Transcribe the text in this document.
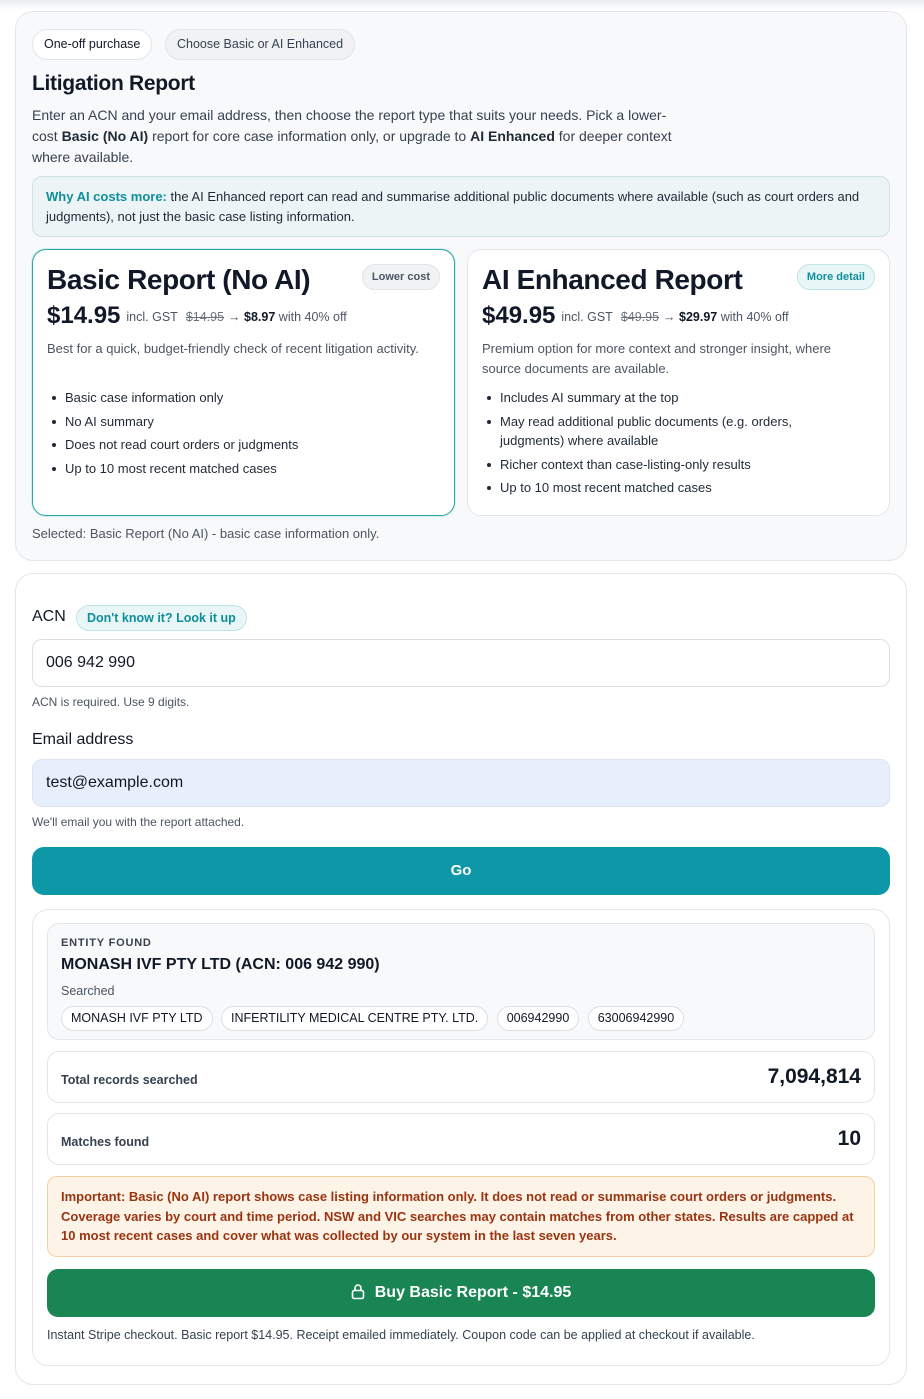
One-off purchase	Choose Basic or AI Enhanced
Litigation Report

Enter an ACN and your email address, then choose the report type that suits your needs. Pick a lower-cost Basic (No AI) report for core case information only, or upgrade to AI Enhanced for deeper context where available.

Why AI costs more: the AI Enhanced report can read and summarise additional public documents where available (such as court orders and judgments), not just the basic case listing information.
Basic Report (No AI)	Lower cost
$14.95 incl. GST $14.95 → $8.97 with 40% off

Best for a quick, budget-friendly check of recent litigation activity.

Basic case information only
No AI summary
Does not read court orders or judgments
Up to 10 most recent matched cases
AI Enhanced Report	More detail
$49.95 incl. GST $49.95 → $29.97 with 40% off

Premium option for more context and stronger insight, where source documents are available.

Includes AI summary at the top
May read additional public documents (e.g. orders, judgments) where available
Richer context than case-listing-only results
Up to 10 most recent matched cases
Selected: Basic Report (No AI) - basic case information only.
ACN	Don't know it? Look it up
006 942 990
ACN is required. Use 9 digits.
Email address
test@example.com
We'll email you with the report attached.
Go
ENTITY FOUND
MONASH IVF PTY LTD (ACN: 006 942 990)
Searched
MONASH IVF PTY LTD INFERTILITY MEDICAL CENTRE PTY. LTD. 006942990 63006942990
Total records searched	7,094,814
Matches found	10
Important: Basic (No AI) report shows case listing information only. It does not read or summarise court orders or judgments. Coverage varies by court and time period. NSW and VIC searches may contain matches from other states. Results are capped at 10 most recent cases and cover what was collected by our system in the last seven years.
Buy Basic Report - $14.95
Instant Stripe checkout. Basic report $14.95. Receipt emailed immediately. Coupon code can be applied at checkout if available.
